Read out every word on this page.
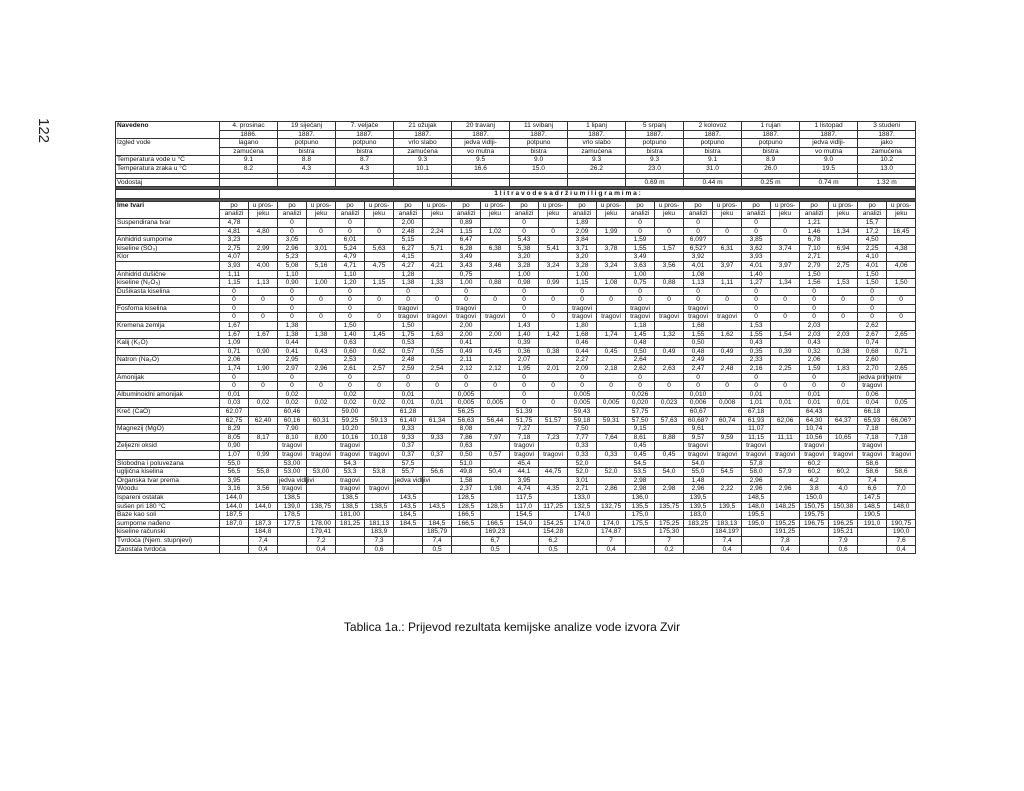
122	Navedeno	4. prosinac		19 siječanj		7. veljače		21 ožujak		20 travanj		11 svibanj		1 lipanj		5 srpanj		2 kolovoz		1 rujan		1 listopad		3 studeni	
	1886.		1887.		1887.		1887.		1887.		1887.		1887.		1887.		1887.		1887.		1887.		1887.	
Izgled vode	lagano		potpuno		potpuno		vrlo slabo		jedva vidlji-		potpuno		vrlo slabo		potpuno		potpuno		potpuno		jedva vidlji-		jako	
	zamućena		bistra		bistra		zamućena		vo mutna		bistra		zamućena		bistra		bistra		bistra		vo mutna		zamućena	
Temperatura vode u °C	9.1		8.8		8.7		9.3		9.5		9.0		9.3		9.3		9.1		8.9		9.0		10.2	
Temperatura zraka u °C	8.2		4.3		4.3		10.1		16.6		15.0		26.2		23.0		31.0		26.0		19.5		13.0	

Vodostaj															0.69 m		0.44 m		0.25 m		0.74 m		1.32 m	

	1 l i t r a v o d e s a d r ž i u m i l i g r a m i m a :																							

Ime tvari	po	u pros-	po	u pros-	po	u pros-	po	u pros-	po	u pros-	po	u pros-	po	u pros-	po	u pros-	po	u pros-	po	u pros-	po	u pros-	po	u pros-
	analizi	jeku	analizi	jeku	analizi	jeku	analizi	jeku	analizi	jeku	analizi	jeku	analizi	jeku	analizi	jeku	analizi	jeku	analizi	jeku	analizi	jeku	analizi	jeku
Suspendirana tvar	4,78		0		0		2,00		0,89		0		1,89		0		0		0		1,21		15,7	
	4,81	4,80	0	0	0	0	2,48	2,24	1,15	1,02	0	0	2,09	1,99	0	0	0	0	0	0	1,46	1,34	17,2	16,45
Anhidrid sumporne	3,23		3,05		6,01		5,15		6,47		5,43		3,84		1,59		6,09?		3,85		6,78		4,50	
kiseline (SO₃)	2,75	2,99	2,96	3,01	5,24	5,63	6,27	5,71	6,28	6,38	5,38	5,41	3,71	3,78	1,55	1,57	6,52?	6,31	3,62	3,74	7,10	6,94	2,25	4,38
Klor	4,07		5,23		4,79		4,15		3,49		3,20		3,20		3,49		3,92		3,93		2,71		4,10	
	3,93	4,00	5,08	5,16	4,71	4,75	4,27	4,21	3,43	3,46	3,28	3,24	3,28	3,24	3,63	3,56	4,01	3,97	4,01	3,97	2,79	2,75	4,01	4,06
Anhidrid dušične	1,11		1,10		1,10		1,28		0,75		1,00		1,00		1,00		1,08		1,40		1,50		1,50	
kiseline (N₂O₅)	1,15	1,13	0,90	1,00	1,20	1,15	1,38	1,33	1,00	0,88	0,98	0,99	1,15	1,08	0,75	0,88	1,13	1,11	1,27	1,34	1,56	1,53	1,50	1,50
Dušikasta kiselina	0		0		0		0		0		0		0		0		0		0		0		0	
	0	0	0	0	0	0	0	0	0	0	0	0	0	0	0	0	0	0	0	0	0	0	0	0
Fosforna kiselina	0		0		0		tragovi		tragovi		0		tragovi		tragovi		tragovi		0		0		0	
	0	0	0	0	0	0	tragovi	tragovi	tragovi	tragovi	0	0	tragovi	tragovi	tragovi	tragovi	tragovi	tragovi	0	0	0	0	0	0
Kremena zemlja	1,67		1,38		1,50		1,50		2,00		1,43		1,80		1,18		1,68		1,53		2,03		2,62	
	1,67	1,67	1,38	1,38	1,40	1,45	1,75	1,63	2,00	2,00	1,40	1,42	1,68	1,74	1,45	1,32	1,55	1,62	1,55	1,54	2,03	2,03	2,67	2,65
Kalij (K₂O)	1,09		0,44		0,63		0,53		0,41		0,39		0,46		0,48		0,50		0,43		0,43		0,74	
	0,71	0,90	0,41	0,43	0,60	0,62	0,57	0,55	0,49	0,45	0,36	0,38	0,44	0,45	0,50	0,49	0,48	0,49	0,35	0,39	0,32	0,38	0,68	0,71
Natron (Na₂O)	2,06		2,95		2,53		2,48		2,11		2,07		2,27		2,64		2,49		2,33		2,06		2,60	
	1,74	1,90	2,97	2,96	2,61	2,57	2,59	2,54	2,12	2,12	1,95	2,01	2,09	2,18	2,62	2,63	2,47	2,48	2,16	2,25	1,59	1,83	2,70	2,65
Amonijak	0		0		0		0		0		0		0		0		0		0		0		jedva primjetni	
	0	0	0	0	0	0	0	0	0	0	0	0	0	0	0	0	0	0	0	0	0	0	tragovi	
Albuminoidni amonijak	0,01		0,02		0,02		0,01		0,005		0		0,005		0,026		0,010		0,01		0,01		0,06	
	0,03	0,02	0,02	0,02	0,02	0,02	0,01	0,01	0,005	0,005	0	0	0,005	0,005	0,020	0,023	0,006	0,008	1,01	0,01	0,01	0,01	0,04	0,05
Kreč (CaO)	62,07		60,46		59,00		61,28		56,25		51,39		59,43		57,75		60,67		67,18		64,43		66,18	
	62,75	62,40	60,16	60,31	59,25	59,13	61,40	61,34	56,63	56,44	51,75	51,57	59,18	59,31	57,50	57,63	60,68?	60,74	61,93	62,06	64,30	64,37	65,93	66,06?
Magnezij (MgO)	8,29		7,90		10,20		9,33		8,08		7,27		7,50		9,15		9,61		11,07		10,74		7,18	
	8,05	8,17	8,10	8,00	10,16	10,18	9,33	9,33	7,86	7,97	7,18	7,23	7,77	7,64	8,61	8,88	9,57	9,59	11,15	11,11	10,56	10,65	7,18	7,18
Željezni oksid	0,90		tragovi		tragovi		0,37		0,63		tragovi		0,33		0,45		tragovi		tragovi		tragovi		tragovi	
	1,07	0,99	tragovi	tragovi	tragovi	tragovi	0,37	0,37	0,50	0,57	tragovi	tragovi	0,33	0,33	0,45	0,45	tragovi	tragovi	tragovi	tragovi	tragovi	tragovi	tragovi	tragovi
Slobodna i poluvezana	55,0		53,00		54,3		57,5		51,0		45,4		52,0		54,5		54,0		57,8		60,2		58,6	
ugljična kiselina	56,5	55,8	53,00	53,00	53,3	53,8	55,7	56,6	49,8	50,4	44,1	44,75	52,0	52,0	53,5	54,0	55,0	54,5	58,0	57,9	60,2	60,2	58,6	58,6
Organska tvar prema	3,95		jedva vidljivi		tragovi		jedva vidljivi		1,58		3,95		3,01		2,98		1,48		2,96		4,2		7,4	
Woodu	3,16	3,56	tragovi		tragovi	tragovi			2,37	1,98	4,74	4,35	2,71	2,86	2,98	2,98	2,96	2,22	2,96	2,96	3,8	4,0	6,6	7,0
Ispareni ostatak	144,0		138,5		138,5		143,5		128,5		117,5		133,0		136,0		139,5		148,5		150,0		147,5	
sušen pri 180 °C	144,0	144,0	139,0	138,75	138,5	138,5	143,5	143,5	128,5	128,5	117,0	117,25	132,5	132,75	135,5	135,75	139,5	139,5	148,0	148,25	150,75	150,38	148,5	148,0
Baze kao soli	187,5		178,5		181,00		184,5		166,5		154,5		174,0		175,0		183,0		195,5		195,75		190,5	
sumporne nađeno	187,0	187,3	177,5	178,00	181,25	181,13	184,5	184,5	166,5	166,5	154,0	154,25	174,0	174,0	175,5	175,25	183,25	183,13	195,0	195,25	196,75	196,25	191,0	190,75
kiseline računski		184,8		179,41		183,9		185,79		169,23		154,28		174,87		175,30		184,19?		191,25		195,21		190,0
Tvrdoća (Njem. stupnjevi)		7,4		7,2		7,3		7,4		6,7		6,2		7		7		7,4		7,8		7,9		7,6
Zaostala tvrdoća		0,4		0,4		0,6		0,5		0,5		0,5		0,4		0,2		0,4		0,4		0,6		0,4
Tablica 1a.: Prijevod rezultata kemijske analize vode izvora Zvir
